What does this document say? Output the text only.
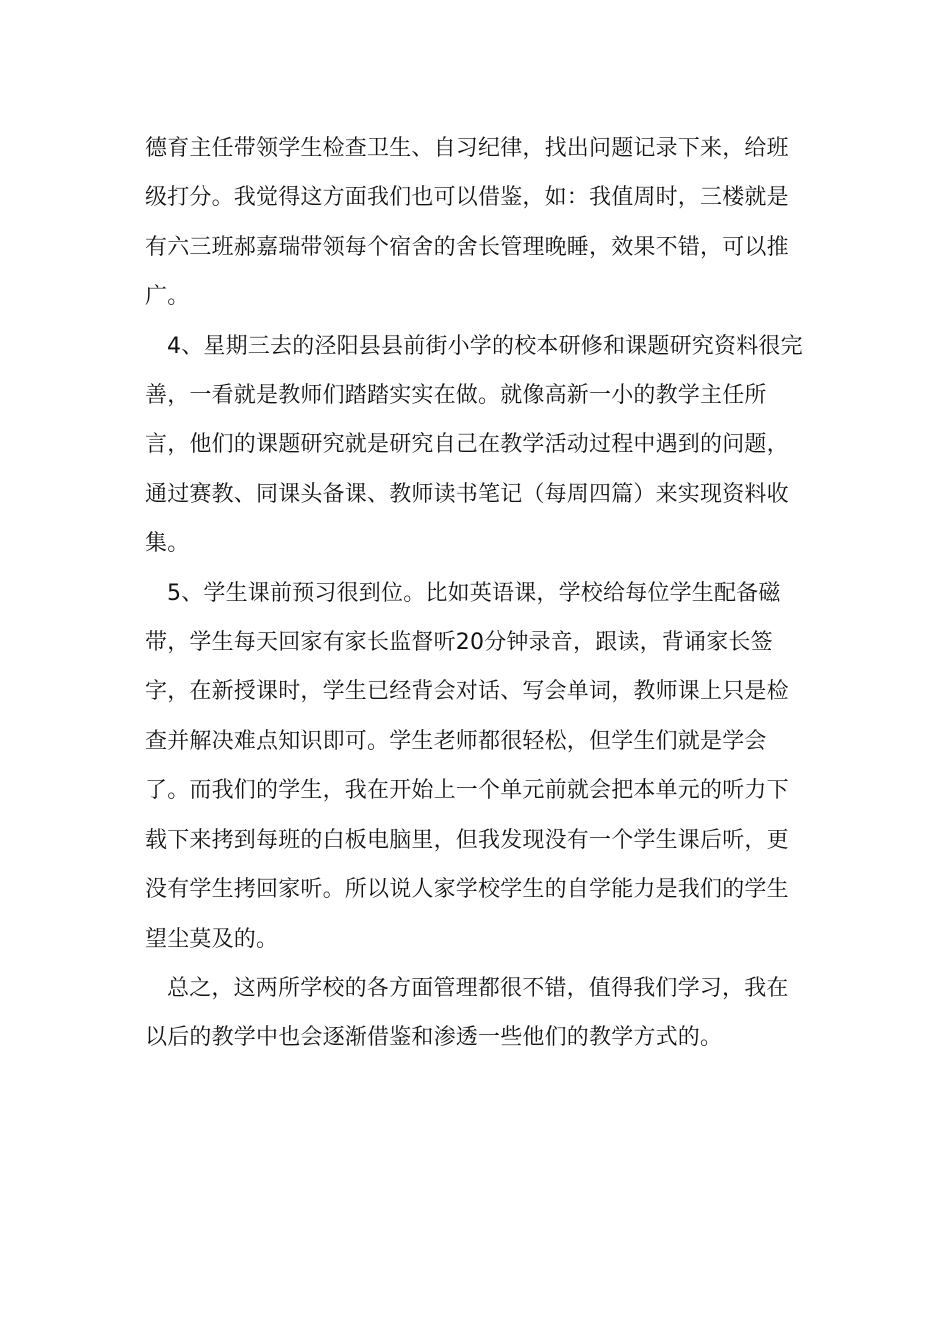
德育主任带领学生检查卫生、自习纪律，找出问题记录下来，给班级打分。我觉得这方面我们也可以借鉴，如：我值周时，三楼就是有六三班郝嘉瑞带领每个宿舍的舍长管理晚睡，效果不错，可以推广。

4、星期三去的泾阳县县前街小学的校本研修和课题研究资料很完善，一看就是教师们踏踏实实在做。就像高新一小的教学主任所言，他们的课题研究就是研究自己在教学活动过程中遇到的问题，通过赛教、同课头备课、教师读书笔记（每周四篇）来实现资料收集。

5、学生课前预习很到位。比如英语课，学校给每位学生配备磁带，学生每天回家有家长监督听20分钟录音，跟读，背诵家长签字，在新授课时，学生已经背会对话、写会单词，教师课上只是检查并解决难点知识即可。学生老师都很轻松，但学生们就是学会了。而我们的学生，我在开始上一个单元前就会把本单元的听力下载下来拷到每班的白板电脑里，但我发现没有一个学生课后听，更没有学生拷回家听。所以说人家学校学生的自学能力是我们的学生望尘莫及的。

总之，这两所学校的各方面管理都很不错，值得我们学习，我在以后的教学中也会逐渐借鉴和渗透一些他们的教学方式的。
